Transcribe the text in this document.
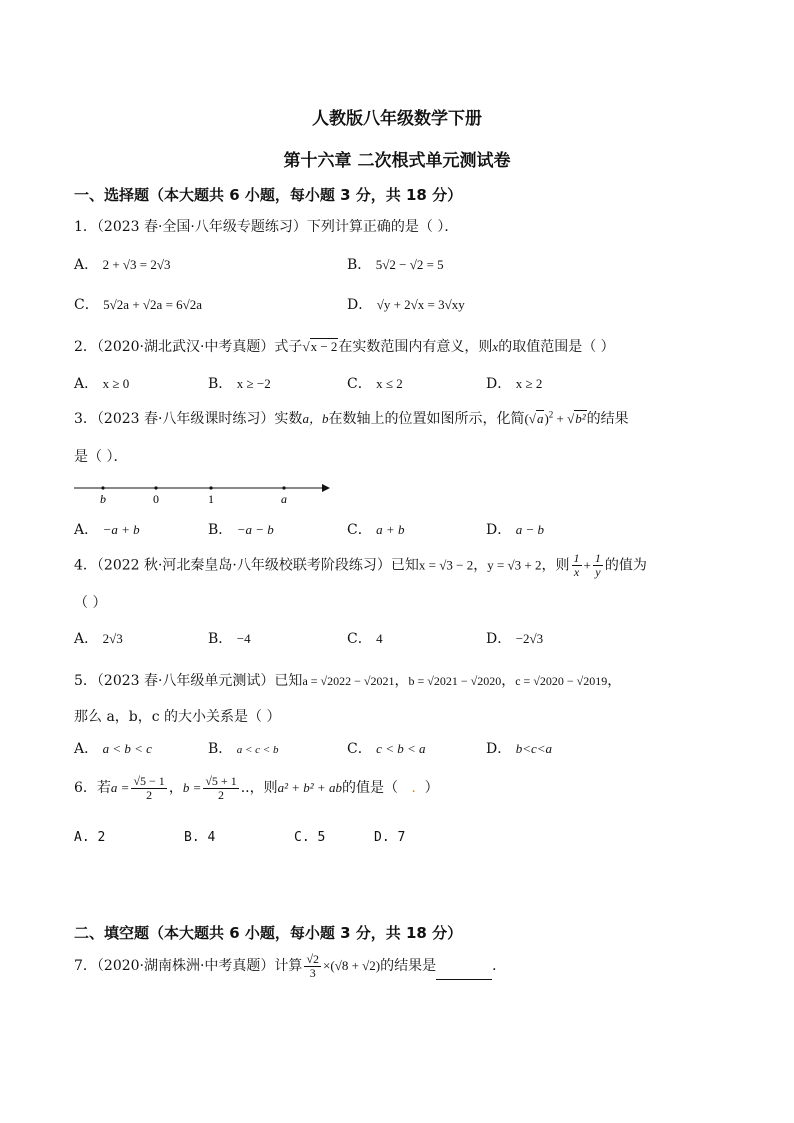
人教版八年级数学下册
第十六章 二次根式单元测试卷
一、选择题（本大题共 6 小题，每小题 3 分，共 18 分）
1．（2023 春·全国·八年级专题练习）下列计算正确的是（ ）．
A． 2 + √3 = 2√3	B． 5√2 − √2 = 5
C． 5√2a + √2a = 6√2a	D． √y + 2√x = 3√xy
2．（2020·湖北武汉·中考真题）式子√x − 2在实数范围内有意义，则x的取值范围是（ ）
A． x ≥ 0	B． x ≥ −2	C． x ≤ 2	D． x ≥ 2
3．（2023 春·八年级课时练习）实数a，b在数轴上的位置如图所示，化简$(√a)^2 + √b^2$的结果
是（ ）．
b	0	1	a
A． −a + b	B． −a − b	C． a + b	D． a − b
4．（2022 秋·河北秦皇岛·八年级校联考阶段练习）已知x = √3 − 2，y = √3 + 2，则 $\frac{1}{x} + \frac{1}{y}$ 的值为
（ ）
A． 2√3	B． −4	C． 4	D． −2√3
5．（2023 春·八年级单元测试）已知a = √2022 − √2021，b = √2021 − √2020，c = √2020 − √2019，
那么 a，b，c 的大小关系是（ ）
A． a < b < c	B． a < c < b	C． c < b < a	D． b<c<a
6．若$a = \frac{√5 - 1}{2}$ ，$b = \frac{√5 + 1}{2}$ ..，则a² + b² + ab的值是（ . ）
A. 2	B. 4	C. 5	D. 7
二、填空题（本大题共 6 小题，每小题 3 分，共 18 分）
7．（2020·湖南株洲·中考真题）计算 $\frac{√2}{3} \times(√8 + √2)$的结果是	．
